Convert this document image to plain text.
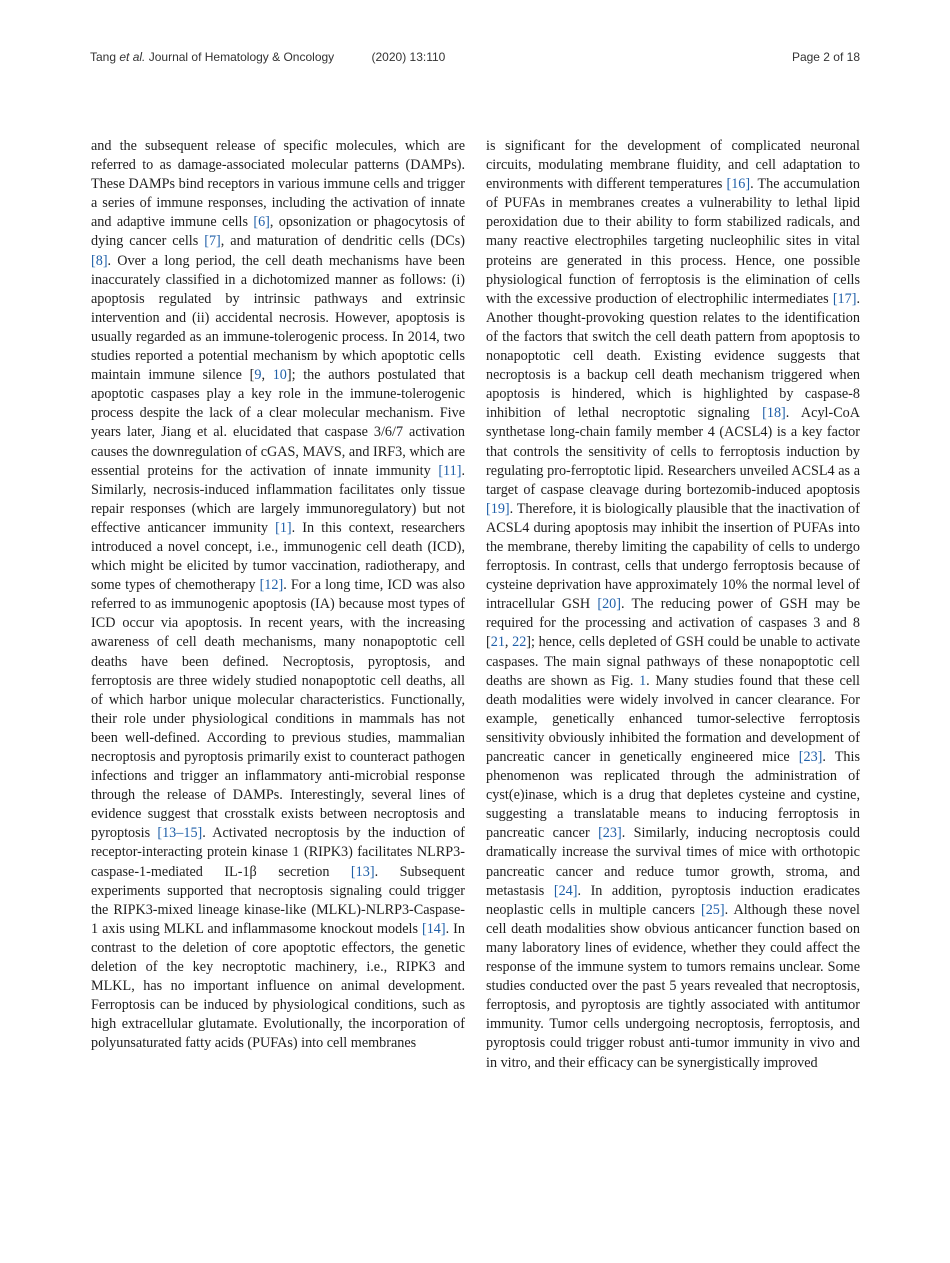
Tang et al. Journal of Hematology & Oncology	(2020) 13:110	Page 2 of 18

and the subsequent release of specific molecules, which are referred to as damage-associated molecular patterns (DAMPs). These DAMPs bind receptors in various immune cells and trigger a series of immune responses, including the activation of innate and adaptive immune cells [6], opsonization or phagocytosis of dying cancer cells [7], and maturation of dendritic cells (DCs) [8]. Over a long period, the cell death mechanisms have been inaccurately classified in a dichotomized manner as follows: (i) apoptosis regulated by intrinsic pathways and extrinsic intervention and (ii) accidental necrosis. However, apoptosis is usually regarded as an immune-tolerogenic process. In 2014, two studies reported a potential mechanism by which apoptotic cells maintain immune silence [9, 10]; the authors postulated that apoptotic caspases play a key role in the immune-tolerogenic process despite the lack of a clear molecular mechanism. Five years later, Jiang et al. elucidated that caspase 3/6/7 activation causes the downregulation of cGAS, MAVS, and IRF3, which are essential proteins for the activation of innate immunity [11]. Similarly, necrosis-induced inflammation facilitates only tissue repair responses (which are largely immunoregulatory) but not effective anticancer immunity [1]. In this context, researchers introduced a novel concept, i.e., immunogenic cell death (ICD), which might be elicited by tumor vaccination, radiotherapy, and some types of chemotherapy [12]. For a long time, ICD was also referred to as immunogenic apoptosis (IA) because most types of ICD occur via apoptosis. In recent years, with the increasing awareness of cell death mechanisms, many nonapoptotic cell deaths have been defined. Necroptosis, pyroptosis, and ferroptosis are three widely studied nonapoptotic cell deaths, all of which harbor unique molecular characteristics. Functionally, their role under physiological conditions in mammals has not been well-defined. According to previous studies, mammalian necroptosis and pyroptosis primarily exist to counteract pathogen infections and trigger an inflammatory anti-microbial response through the release of DAMPs. Interestingly, several lines of evidence suggest that crosstalk exists between necroptosis and pyroptosis [13–15]. Activated necroptosis by the induction of receptor-interacting protein kinase 1 (RIPK3) facilitates NLRP3-caspase-1-mediated IL-1β secretion [13]. Subsequent experiments supported that necroptosis signaling could trigger the RIPK3-mixed lineage kinase-like (MLKL)-NLRP3-Caspase-1 axis using MLKL and inflammasome knockout models [14]. In contrast to the deletion of core apoptotic effectors, the genetic deletion of the key necroptotic machinery, i.e., RIPK3 and MLKL, has no important influence on animal development. Ferroptosis can be induced by physiological conditions, such as high extracellular glutamate. Evolutionally, the incorporation of polyunsaturated fatty acids (PUFAs) into cell membranes

is significant for the development of complicated neuronal circuits, modulating membrane fluidity, and cell adaptation to environments with different temperatures [16]. The accumulation of PUFAs in membranes creates a vulnerability to lethal lipid peroxidation due to their ability to form stabilized radicals, and many reactive electrophiles targeting nucleophilic sites in vital proteins are generated in this process. Hence, one possible physiological function of ferroptosis is the elimination of cells with the excessive production of electrophilic intermediates [17]. Another thought-provoking question relates to the identification of the factors that switch the cell death pattern from apoptosis to nonapoptotic cell death. Existing evidence suggests that necroptosis is a backup cell death mechanism triggered when apoptosis is hindered, which is highlighted by caspase-8 inhibition of lethal necroptotic signaling [18]. Acyl-CoA synthetase long-chain family member 4 (ACSL4) is a key factor that controls the sensitivity of cells to ferroptosis induction by regulating pro-ferroptotic lipid. Researchers unveiled ACSL4 as a target of caspase cleavage during bortezomib-induced apoptosis [19]. Therefore, it is biologically plausible that the inactivation of ACSL4 during apoptosis may inhibit the insertion of PUFAs into the membrane, thereby limiting the capability of cells to undergo ferroptosis. In contrast, cells that undergo ferroptosis because of cysteine deprivation have approximately 10% the normal level of intracellular GSH [20]. The reducing power of GSH may be required for the processing and activation of caspases 3 and 8 [21, 22]; hence, cells depleted of GSH could be unable to activate caspases. The main signal pathways of these nonapoptotic cell deaths are shown as Fig. 1. Many studies found that these cell death modalities were widely involved in cancer clearance. For example, genetically enhanced tumor-selective ferroptosis sensitivity obviously inhibited the formation and development of pancreatic cancer in genetically engineered mice [23]. This phenomenon was replicated through the administration of cyst(e)inase, which is a drug that depletes cysteine and cystine, suggesting a translatable means to inducing ferroptosis in pancreatic cancer [23]. Similarly, inducing necroptosis could dramatically increase the survival times of mice with orthotopic pancreatic cancer and reduce tumor growth, stroma, and metastasis [24]. In addition, pyroptosis induction eradicates neoplastic cells in multiple cancers [25]. Although these novel cell death modalities show obvious anticancer function based on many laboratory lines of evidence, whether they could affect the response of the immune system to tumors remains unclear. Some studies conducted over the past 5 years revealed that necroptosis, ferroptosis, and pyroptosis are tightly associated with antitumor immunity. Tumor cells undergoing necroptosis, ferroptosis, and pyroptosis could trigger robust anti-tumor immunity in vivo and in vitro, and their efficacy can be synergistically improved
